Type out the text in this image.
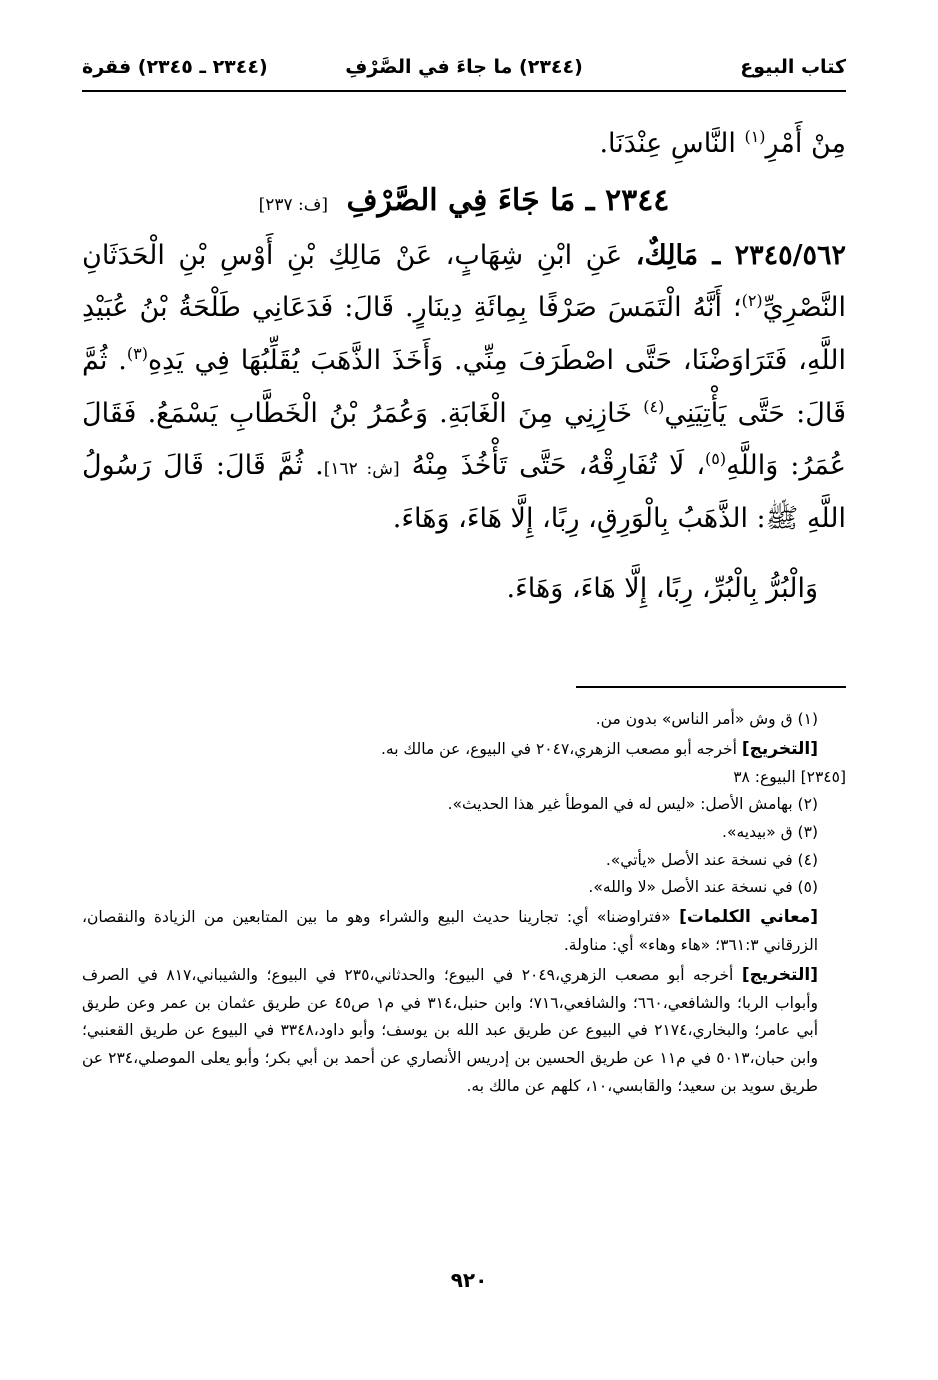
كتاب البيوع
(٢٣٤٤) ما جاءَ في الصَّرْفِ
(٢٣٤٤ ـ ٢٣٤٥) فقرة

مِنْ أَمْرِ$^{(١)}$ النَّاسِ عِنْدَنَا.

٢٣٤٤ ـ مَا جَاءَ فِي الصَّرْفِ [ف: ٢٣٧]

٢٣٤٥/٥٦٢ ـ مَالِكٌ، عَنِ ابْنِ شِهَابٍ، عَنْ مَالِكِ بْنِ أَوْسِ بْنِ الْحَدَثَانِ النَّصْرِيِّ$^{(٢)}$؛ أَنَّهُ الْتَمَسَ صَرْفًا بِمِائَةِ دِينَارٍ. قَالَ: فَدَعَانِي طَلْحَةُ بْنُ عُبَيْدِ اللَّهِ، فَتَرَاوَضْنَا، حَتَّى اصْطَرَفَ مِنِّي. وَأَخَذَ الذَّهَبَ يُقَلِّبُهَا فِي يَدِهِ$^{(٣)}$. ثُمَّ قَالَ: حَتَّى يَأْتِيَنِي$^{(٤)}$ خَازِنِي مِنَ الْغَابَةِ. وَعُمَرُ بْنُ الْخَطَّابِ يَسْمَعُ. فَقَالَ عُمَرُ: وَاللَّهِ$^{(٥)}$، لَا تُفَارِقْهُ، حَتَّى تَأْخُذَ مِنْهُ [ش: ١٦٢]. ثُمَّ قَالَ: قَالَ رَسُولُ اللَّهِ ﷺ: الذَّهَبُ بِالْوَرِقِ، رِبًا، إِلَّا هَاءَ، وَهَاءَ.

وَالْبُرُّ بِالْبُرِّ، رِبًا، إِلَّا هَاءَ، وَهَاءَ.

(١) ق وش «أمر الناس» بدون من.
[التخريج] أخرجه أبو مصعب الزهري،٢٠٤٧ في البيوع، عن مالك به.
[٢٣٤٥] البيوع: ٣٨
(٢) بهامش الأصل: «ليس له في الموطأ غير هذا الحديث».
(٣) ق «بيديه».
(٤) في نسخة عند الأصل «يأتي».
(٥) في نسخة عند الأصل «لا والله».
[معاني الكلمات] «فتراوضنا» أي: تجارينا حديث البيع والشراء وهو ما بين المتابعين من الزيادة والنقصان، الزرقاني ٣٦١:٣؛ «هاء وهاء» أي: مناولة.
[التخريج] أخرجه أبو مصعب الزهري،٢٠٤٩ في البيوع؛ والحدثاني،٢٣٥ في البيوع؛ والشيباني،٨١٧ في الصرف وأبواب الربا؛ والشافعي،٦٦٠؛ والشافعي،٧١٦؛ وابن حنبل،٣١٤ في م١ ص٤٥ عن طريق عثمان بن عمر وعن طريق أبي عامر؛ والبخاري،٢١٧٤ في البيوع عن طريق عبد الله بن يوسف؛ وأبو داود،٣٣٤٨ في البيوع عن طريق القعنبي؛ وابن حبان،٥٠١٣ في م١١ عن طريق الحسين بن إدريس الأنصاري عن أحمد بن أبي بكر؛ وأبو يعلى الموصلي،٢٣٤ عن طريق سويد بن سعيد؛ والقابسي،١٠، كلهم عن مالك به.
٩٢٠
